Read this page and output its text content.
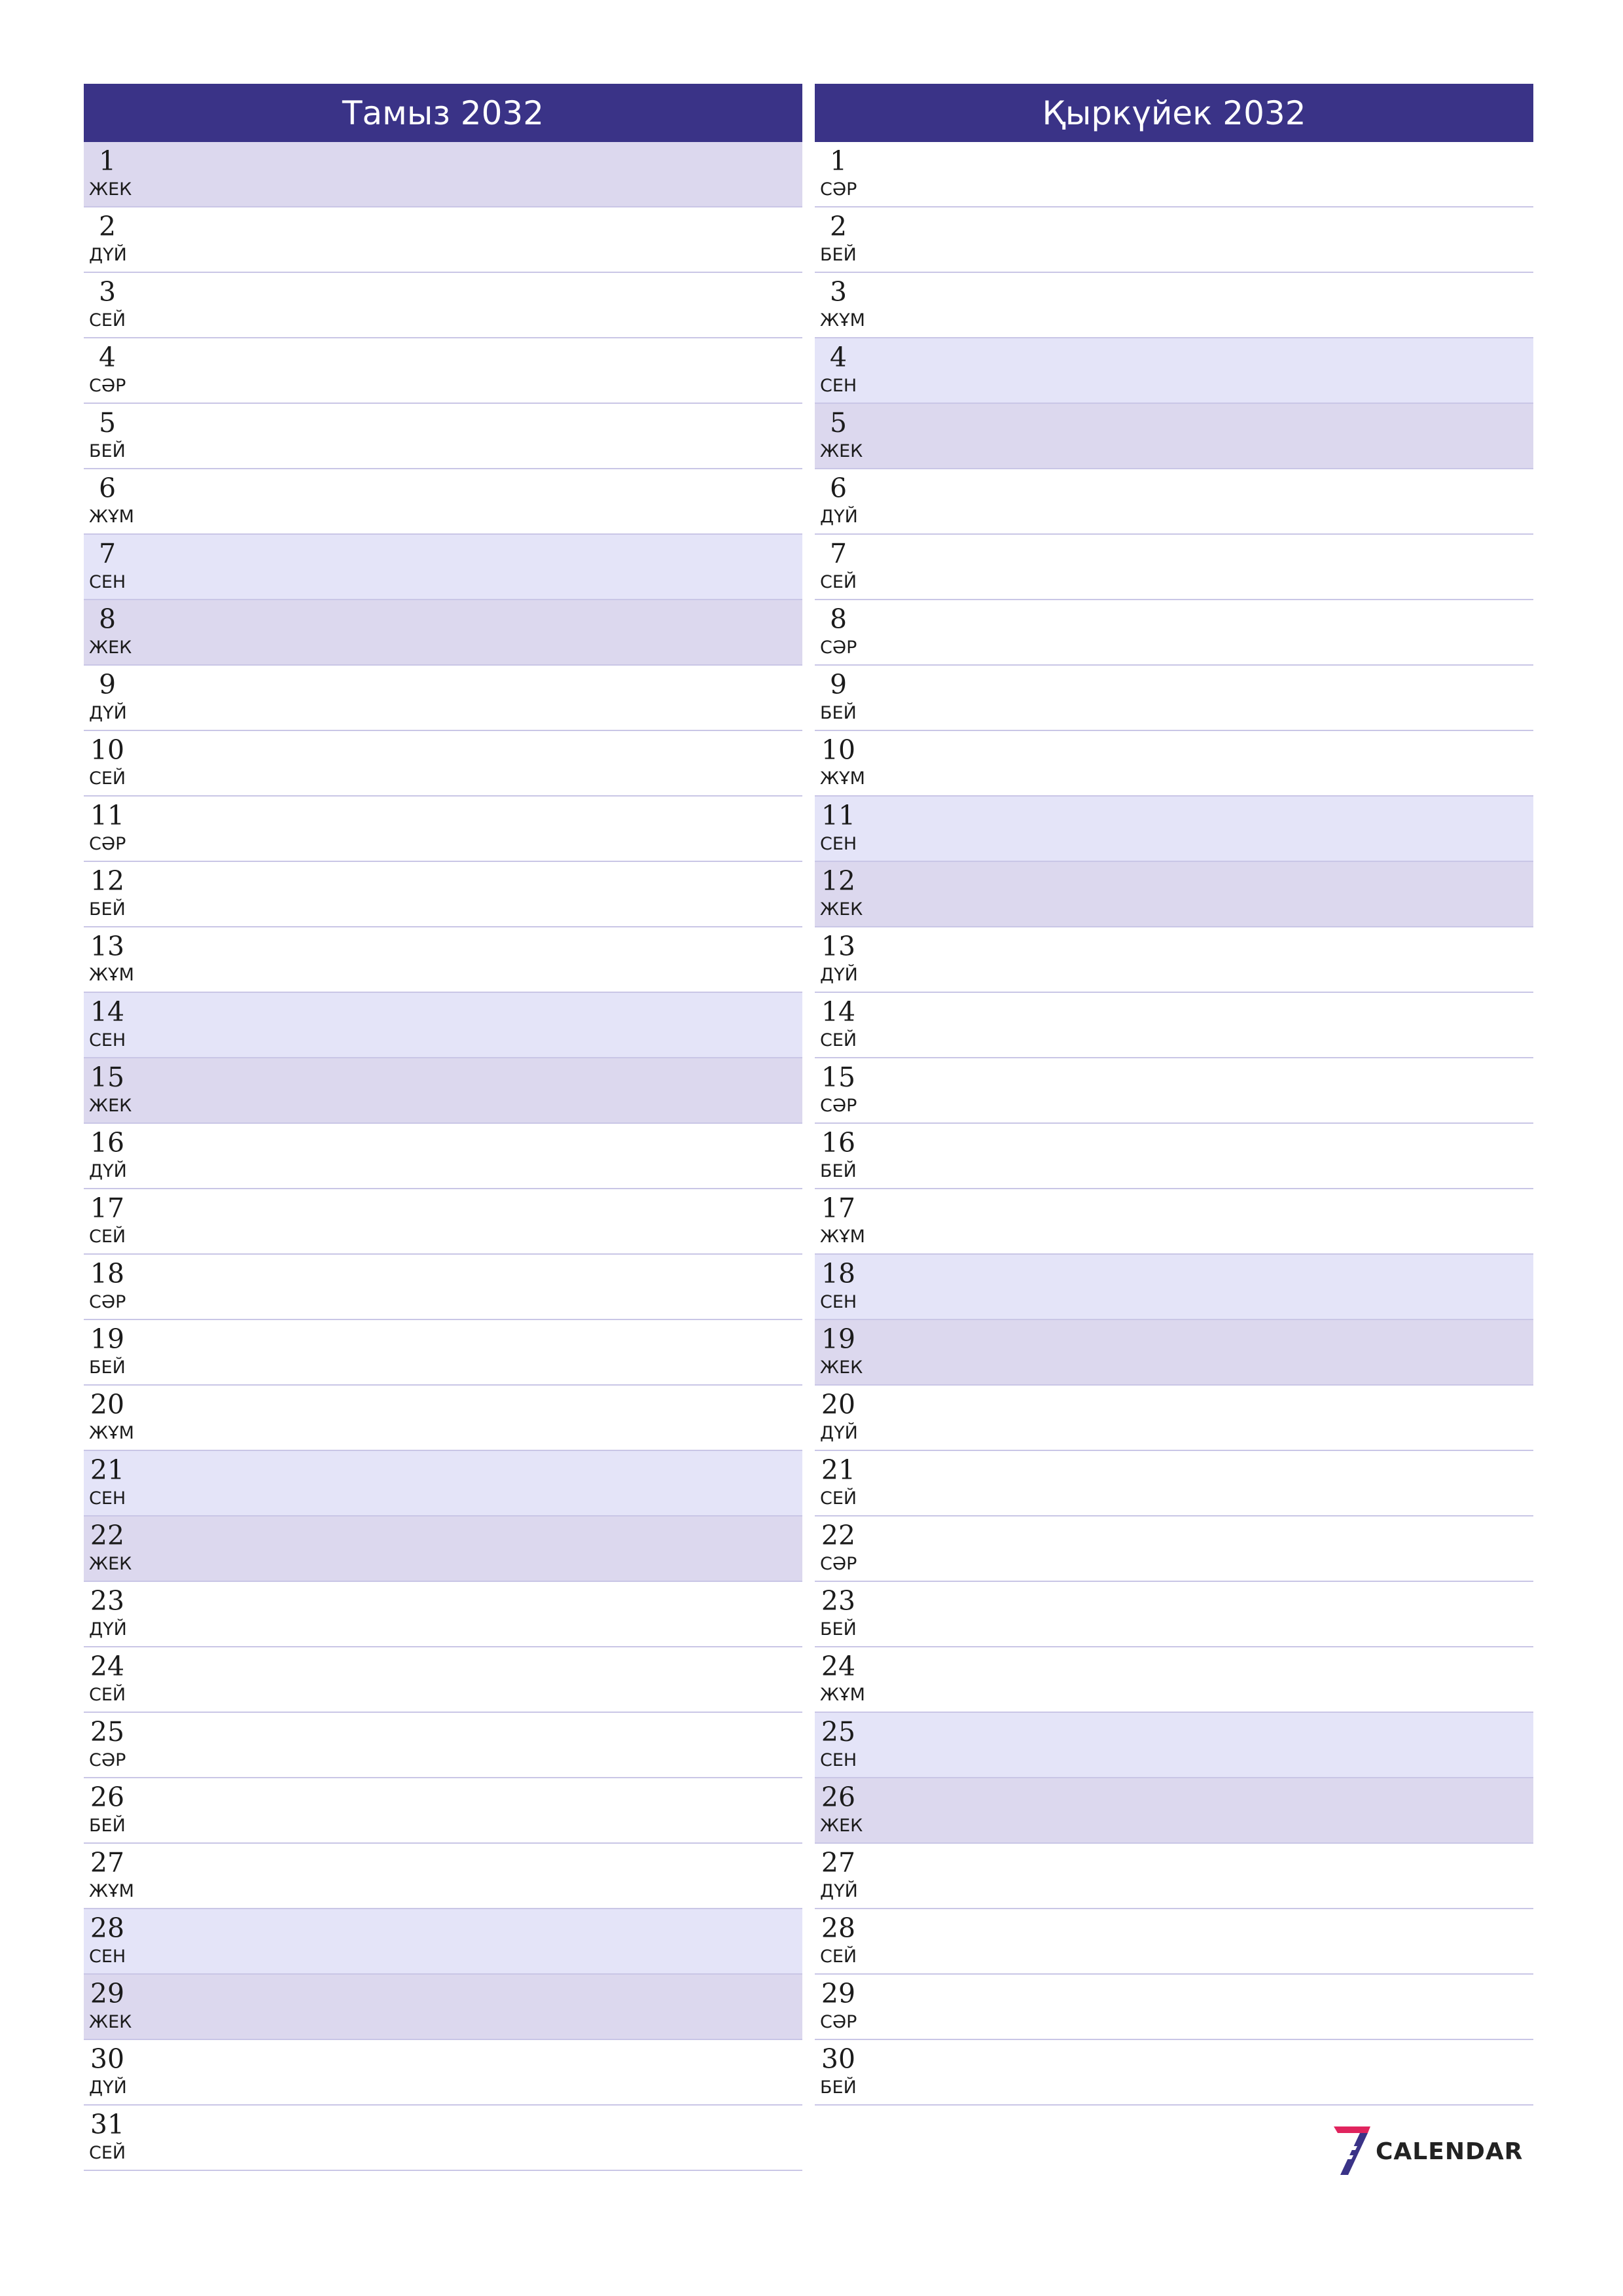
Тамыз 2032
1
ЖЕК
2
ДҮЙ
3
СЕЙ
4
СӘР
5
БЕЙ
6
ЖҰМ
7
СЕН
8
ЖЕК
9
ДҮЙ
10
СЕЙ
11
СӘР
12
БЕЙ
13
ЖҰМ
14
СЕН
15
ЖЕК
16
ДҮЙ
17
СЕЙ
18
СӘР
19
БЕЙ
20
ЖҰМ
21
СЕН
22
ЖЕК
23
ДҮЙ
24
СЕЙ
25
СӘР
26
БЕЙ
27
ЖҰМ
28
СЕН
29
ЖЕК
30
ДҮЙ
31
СЕЙ
Қыркүйек 2032
1
СӘР
2
БЕЙ
3
ЖҰМ
4
СЕН
5
ЖЕК
6
ДҮЙ
7
СЕЙ
8
СӘР
9
БЕЙ
10
ЖҰМ
11
СЕН
12
ЖЕК
13
ДҮЙ
14
СЕЙ
15
СӘР
16
БЕЙ
17
ЖҰМ
18
СЕН
19
ЖЕК
20
ДҮЙ
21
СЕЙ
22
СӘР
23
БЕЙ
24
ЖҰМ
25
СЕН
26
ЖЕК
27
ДҮЙ
28
СЕЙ
29
СӘР
30
БЕЙ
CALENDAR
